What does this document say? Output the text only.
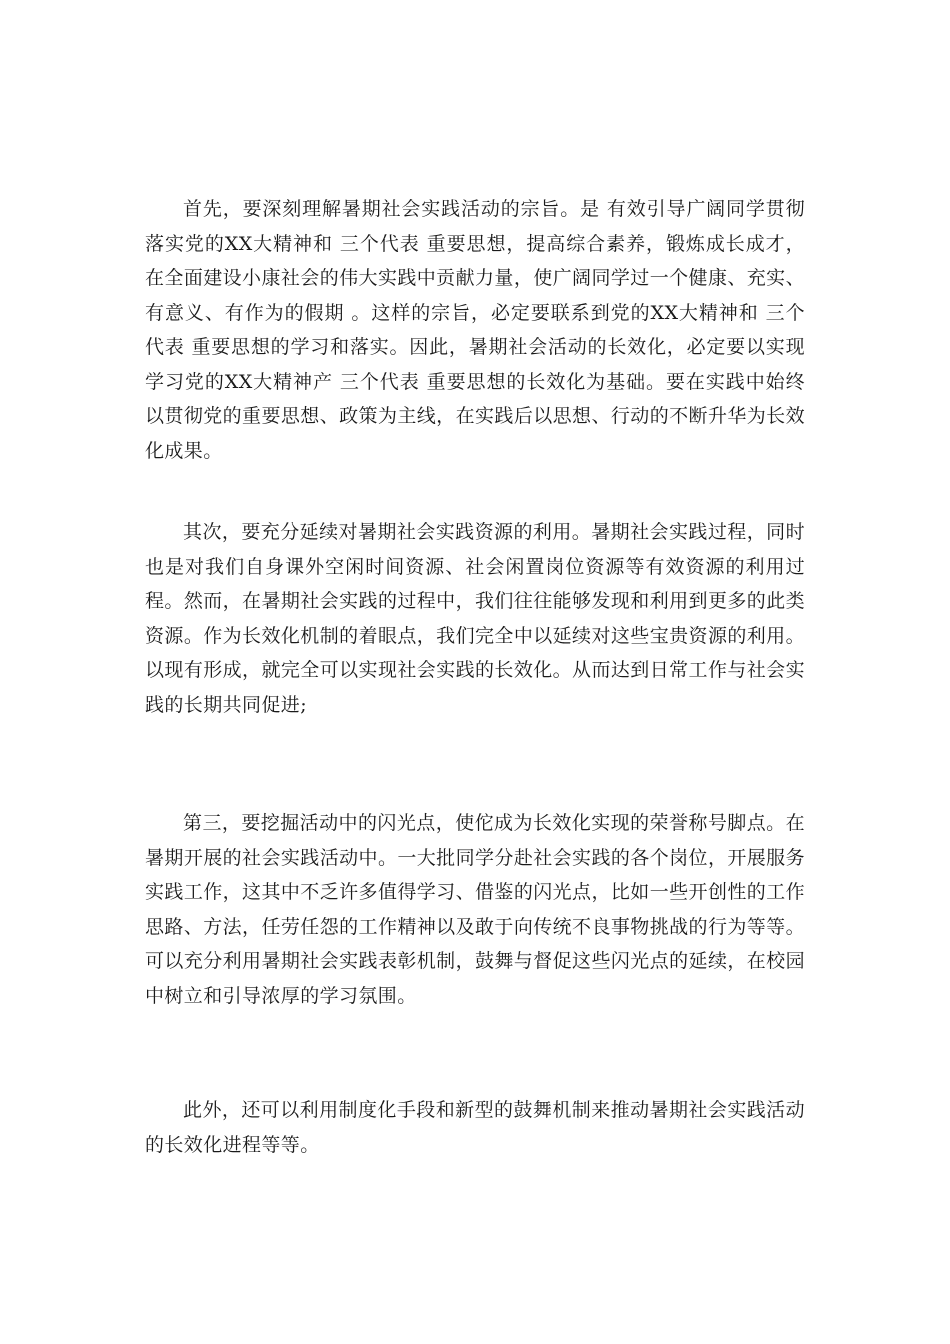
首先，要深刻理解暑期社会实践活动的宗旨。是 有效引导广阔同学贯彻落实党的XX大精神和 三个代表 重要思想，提高综合素养，锻炼成长成才，在全面建设小康社会的伟大实践中贡献力量，使广阔同学过一个健康、充实、有意义、有作为的假期 。这样的宗旨，必定要联系到党的XX大精神和 三个代表 重要思想的学习和落实。因此，暑期社会活动的长效化，必定要以实现学习党的XX大精神产 三个代表 重要思想的长效化为基础。要在实践中始终以贯彻党的重要思想、政策为主线，在实践后以思想、行动的不断升华为长效化成果。

其次，要充分延续对暑期社会实践资源的利用。暑期社会实践过程，同时也是对我们自身课外空闲时间资源、社会闲置岗位资源等有效资源的利用过程。然而，在暑期社会实践的过程中，我们往往能够发现和利用到更多的此类资源。作为长效化机制的着眼点，我们完全中以延续对这些宝贵资源的利用。以现有形成，就完全可以实现社会实践的长效化。从而达到日常工作与社会实践的长期共同促进;

第三，要挖掘活动中的闪光点，使佗成为长效化实现的荣誉称号脚点。在暑期开展的社会实践活动中。一大批同学分赴社会实践的各个岗位，开展服务实践工作，这其中不乏许多值得学习、借鉴的闪光点，比如一些开创性的工作思路、方法，任劳任怨的工作精神以及敢于向传统不良事物挑战的行为等等。可以充分利用暑期社会实践表彰机制，鼓舞与督促这些闪光点的延续，在校园中树立和引导浓厚的学习氛围。

此外，还可以利用制度化手段和新型的鼓舞机制来推动暑期社会实践活动的长效化进程等等。
